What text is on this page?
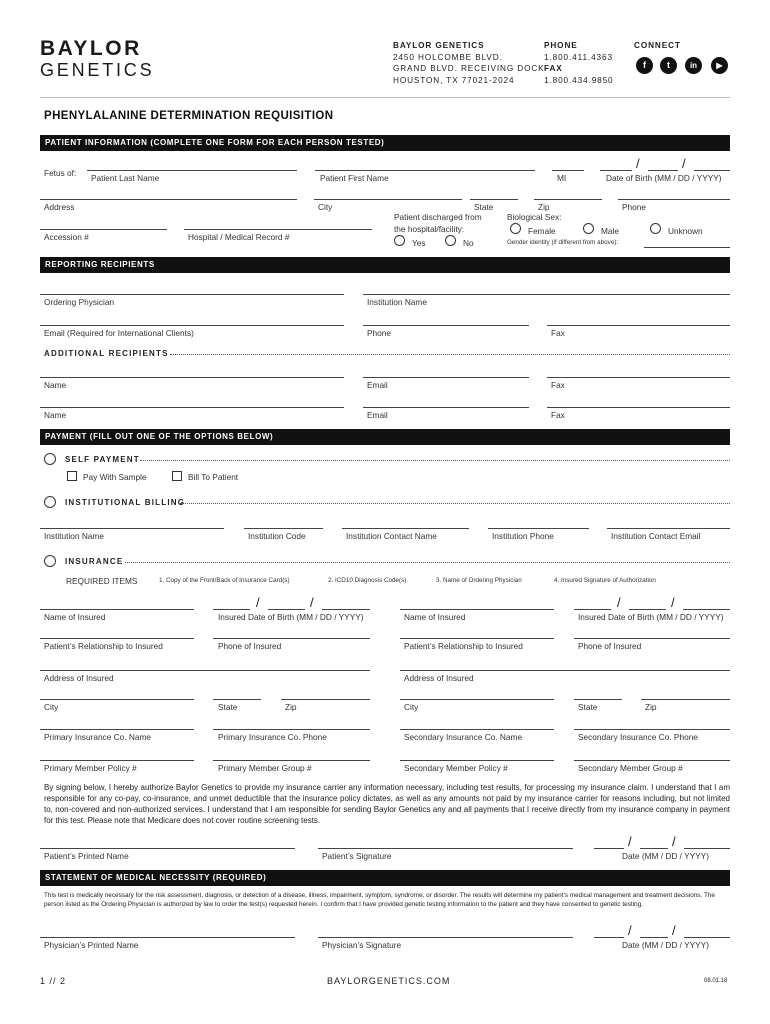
BAYLOR
GENETICS
BAYLOR GENETICS
2450 HOLCOMBE BLVD.
GRAND BLVD. RECEIVING DOCK
HOUSTON, TX 77021-2024
PHONE
1.800.411.4363
FAX
1.800.434.9850
CONNECT
f	t	in	▶
PHENYLALANINE DETERMINATION REQUISITION
PATIENT INFORMATION (COMPLETE ONE FORM FOR EACH PERSON TESTED)
Fetus of: Patient Last Name	Patient First Name	MI
/	/
Date of Birth (MM / DD / YYYY)
Address	City	State	Zip	Phone
Accession #	Hospital / Medical Record #
Patient discharged from
the hospital/facility:
Yes	No
Biological Sex:
Female	Male	Unknown
Gender identity (if different from above):
REPORTING RECIPIENTS
Ordering Physician	Institution Name
Email (Required for International Clients)	Phone	Fax
ADDITIONAL RECIPIENTS
Name	Email	Fax
Name	Email	Fax
PAYMENT (FILL OUT ONE OF THE OPTIONS BELOW)
SELF PAYMENT
Pay With Sample	Bill To Patient
INSTITUTIONAL BILLING
Institution Name	Institution Code	Institution Contact Name	Institution Phone	Institution Contact Email
INSURANCE
REQUIRED ITEMS	1. Copy of the Front/Back of Insurance Card(s)	2. ICD10 Diagnosis Code(s)	3. Name of Ordering Physician	4. Insured Signature of Authorization
Name of Insured
/	/
Insured Date of Birth (MM / DD / YYYY)
Patient’s Relationship to Insured	Phone of Insured
Address of Insured
City	State	Zip
Primary Insurance Co. Name	Primary Insurance Co. Phone
Primary Member Policy #	Primary Member Group #
Name of Insured
/	/
Insured Date of Birth (MM / DD / YYYY)
Patient’s Relationship to Insured	Phone of Insured
Address of Insured
City	State	Zip
Secondary Insurance Co. Name	Secondary Insurance Co. Phone
Secondary Member Policy #	Secondary Member Group #
By signing below, I hereby authorize Baylor Genetics to provide my insurance carrier any information necessary, including test results, for processing my insurance claim. I understand that I am responsible for any co-pay, co-insurance, and unmet deductible that the insurance policy dictates, as well as any amounts not paid by my insurance carrier for reasons including, but not limited to, non-covered and non-authorized services. I understand that I am responsible for sending Baylor Genetics any and all payments that I receive directly from my insurance company in payment for this test. Please note that Medicare does not cover routine screening tests.
Patient’s Printed Name	Patient’s Signature
/	/
Date (MM / DD / YYYY)
STATEMENT OF MEDICAL NECESSITY (REQUIRED)
This test is medically necessary for the risk assessment, diagnosis, or detection of a disease, illness, impairment, symptom, syndrome, or disorder. The results will determine my patient’s medical management and treatment decisions. The person listed as the Ordering Physician is authorized by law to order the test(s) requested herein. I confirm that I have provided genetic testing information to the patient and they have consented to genetic testing.
Physician’s Printed Name	Physician’s Signature
/	/
Date (MM / DD / YYYY)
1 // 2	BAYLORGENETICS.COM	08.01.18
